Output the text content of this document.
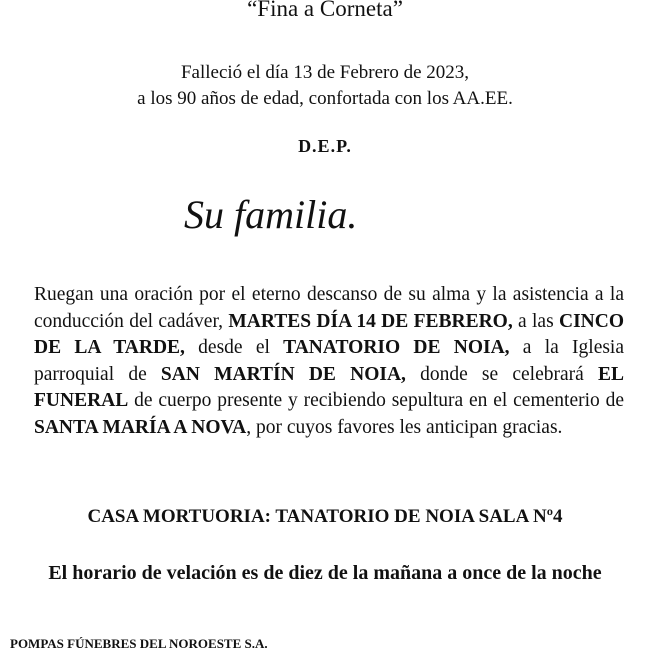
“Fina a Corneta”
Falleció el día 13 de Febrero de 2023,
a los 90 años de edad, confortada con los AA.EE.
D.E.P.
Su familia.

Ruegan una oración por el eterno descanso de su alma y la asistencia a la conducción del cadáver, MARTES DÍA 14 DE FEBRERO, a las CINCO DE LA TARDE, desde el TANATORIO DE NOIA, a la Iglesia parroquial de SAN MARTÍN DE NOIA, donde se celebrará EL FUNERAL de cuerpo presente y recibiendo sepultura en el cementerio de SANTA MARÍA A NOVA, por cuyos favores les anticipan gracias.

CASA MORTUORIA: TANATORIO DE NOIA SALA Nº4
El horario de velación es de diez de la mañana a once de la noche
POMPAS FÚNEBRES DEL NOROESTE S.A.
